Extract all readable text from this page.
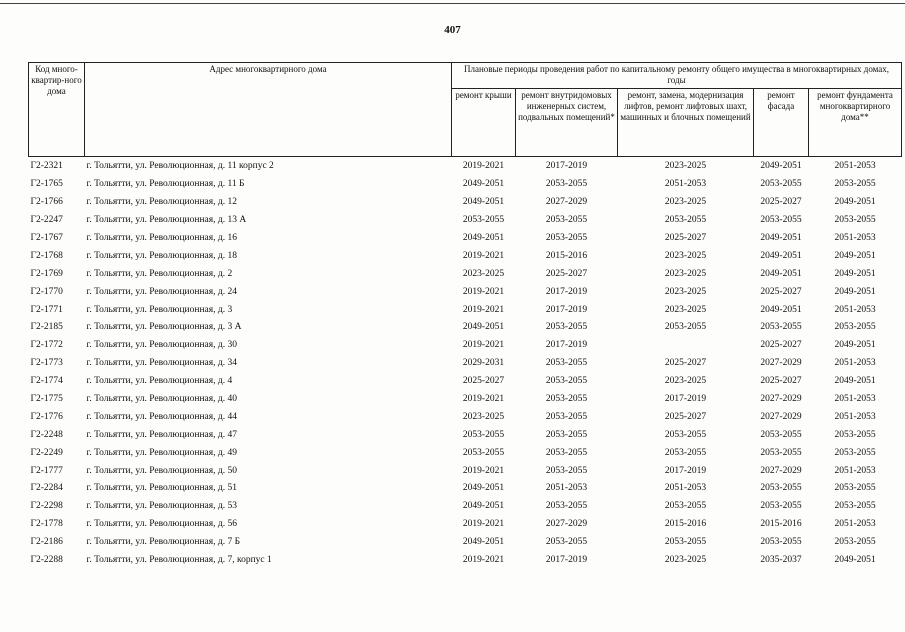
407
Код много-квартир-ного дома	Адрес многоквартирного дома	Плановые периоды проведения работ по капитальному ремонту общего имущества в многоквартирных домах, годы				
		ремонт крыши	ремонт внутридомовых инженерных систем, подвальных помещений*	ремонт, замена, модернизация лифтов, ремонт лифтовых шахт, машинных и блочных помещений	ремонт фасада	ремонт фундамента многоквартирного дома**
Г2-2321	г. Тольятти, ул. Революционная, д. 11 корпус 2	2019-2021	2017-2019	2023-2025	2049-2051	2051-2053
Г2-1765	г. Тольятти, ул. Революционная, д. 11 Б	2049-2051	2053-2055	2051-2053	2053-2055	2053-2055
Г2-1766	г. Тольятти, ул. Революционная, д. 12	2049-2051	2027-2029	2023-2025	2025-2027	2049-2051
Г2-2247	г. Тольятти, ул. Революционная, д. 13 А	2053-2055	2053-2055	2053-2055	2053-2055	2053-2055
Г2-1767	г. Тольятти, ул. Революционная, д. 16	2049-2051	2053-2055	2025-2027	2049-2051	2051-2053
Г2-1768	г. Тольятти, ул. Революционная, д. 18	2019-2021	2015-2016	2023-2025	2049-2051	2049-2051
Г2-1769	г. Тольятти, ул. Революционная, д. 2	2023-2025	2025-2027	2023-2025	2049-2051	2049-2051
Г2-1770	г. Тольятти, ул. Революционная, д. 24	2019-2021	2017-2019	2023-2025	2025-2027	2049-2051
Г2-1771	г. Тольятти, ул. Революционная, д. 3	2019-2021	2017-2019	2023-2025	2049-2051	2051-2053
Г2-2185	г. Тольятти, ул. Революционная, д. 3 А	2049-2051	2053-2055	2053-2055	2053-2055	2053-2055
Г2-1772	г. Тольятти, ул. Революционная, д. 30	2019-2021	2017-2019		2025-2027	2049-2051
Г2-1773	г. Тольятти, ул. Революционная, д. 34	2029-2031	2053-2055	2025-2027	2027-2029	2051-2053
Г2-1774	г. Тольятти, ул. Революционная, д. 4	2025-2027	2053-2055	2023-2025	2025-2027	2049-2051
Г2-1775	г. Тольятти, ул. Революционная, д. 40	2019-2021	2053-2055	2017-2019	2027-2029	2051-2053
Г2-1776	г. Тольятти, ул. Революционная, д. 44	2023-2025	2053-2055	2025-2027	2027-2029	2051-2053
Г2-2248	г. Тольятти, ул. Революционная, д. 47	2053-2055	2053-2055	2053-2055	2053-2055	2053-2055
Г2-2249	г. Тольятти, ул. Революционная, д. 49	2053-2055	2053-2055	2053-2055	2053-2055	2053-2055
Г2-1777	г. Тольятти, ул. Революционная, д. 50	2019-2021	2053-2055	2017-2019	2027-2029	2051-2053
Г2-2284	г. Тольятти, ул. Революционная, д. 51	2049-2051	2051-2053	2051-2053	2053-2055	2053-2055
Г2-2298	г. Тольятти, ул. Революционная, д. 53	2049-2051	2053-2055	2053-2055	2053-2055	2053-2055
Г2-1778	г. Тольятти, ул. Революционная, д. 56	2019-2021	2027-2029	2015-2016	2015-2016	2051-2053
Г2-2186	г. Тольятти, ул. Революционная, д. 7 Б	2049-2051	2053-2055	2053-2055	2053-2055	2053-2055
Г2-2288	г. Тольятти, ул. Революционная, д. 7, корпус 1	2019-2021	2017-2019	2023-2025	2035-2037	2049-2051
